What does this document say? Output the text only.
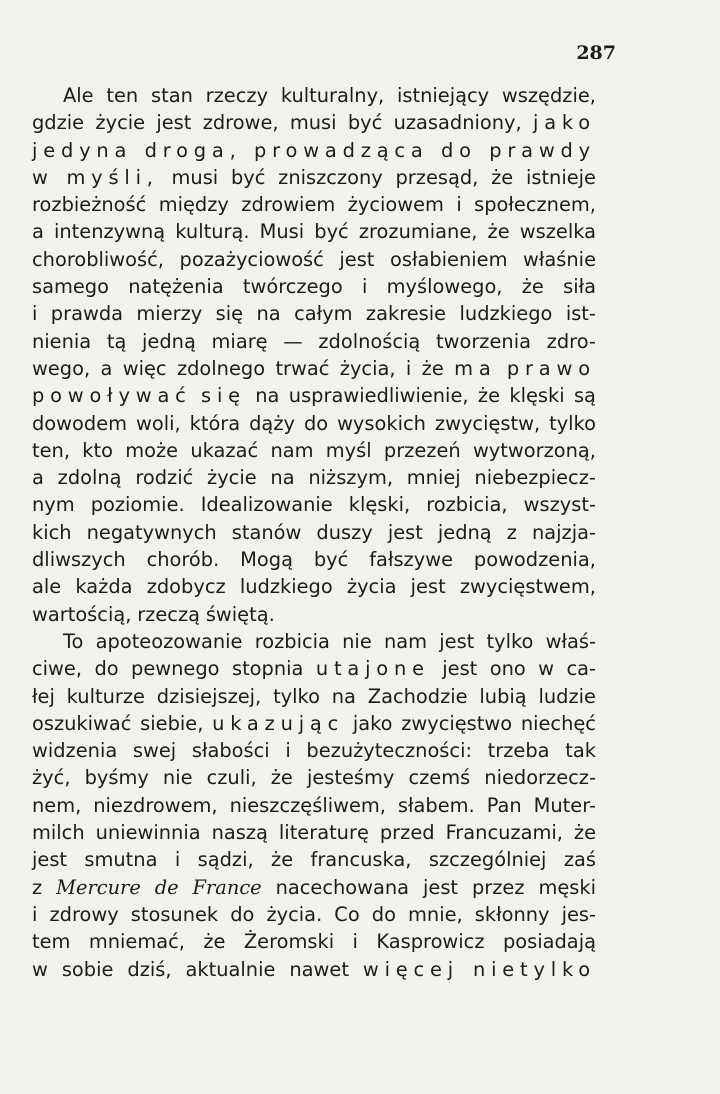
287
Ale ten stan rzeczy kulturalny, istniejący wszędzie,
gdzie życie jest zdrowe, musi być uzasadniony, jako
jedyna droga, prowadząca do prawdy
w myśli, musi być zniszczony przesąd, że istnieje
rozbieżność między zdrowiem życiowem i społecznem,
a intenzywną kulturą. Musi być zrozumiane, że wszelka
chorobliwość, pozażyciowość jest osłabieniem właśnie
samego natężenia twórczego i myślowego, że siła
i prawda mierzy się na całym zakresie ludzkiego ist-
nienia tą jedną miarę — zdolnością tworzenia zdro-
wego, a więc zdolnego trwać życia, i że ma prawo
powoływać się na usprawiedliwienie, że klęski są
dowodem woli, która dąży do wysokich zwycięstw, tylko
ten, kto może ukazać nam myśl przezeń wytworzoną,
a zdolną rodzić życie na niższym, mniej niebezpiecz-
nym poziomie. Idealizowanie klęski, rozbicia, wszyst-
kich negatywnych stanów duszy jest jedną z najzja-
dliwszych chorób. Mogą być fałszywe powodzenia,
ale każda zdobycz ludzkiego życia jest zwycięstwem,
wartością, rzeczą świętą.
To apoteozowanie rozbicia nie nam jest tylko właś-
ciwe, do pewnego stopnia utajone jest ono w ca-
łej kulturze dzisiejszej, tylko na Zachodzie lubią ludzie
oszukiwać siebie, ukazując jako zwycięstwo niechęć
widzenia swej słabości i bezużyteczności: trzeba tak
żyć, byśmy nie czuli, że jesteśmy czemś niedorzecz-
nem, niezdrowem, nieszczęśliwem, słabem. Pan Muter-
milch uniewinnia naszą literaturę przed Francuzami, że
jest smutna i sądzi, że francuska, szczególniej zaś
z Mercure de France nacechowana jest przez męski
i zdrowy stosunek do życia. Co do mnie, skłonny jes-
tem mniemać, że Żeromski i Kasprowicz posiadają
w sobie dziś, aktualnie nawet więcej nietylko
